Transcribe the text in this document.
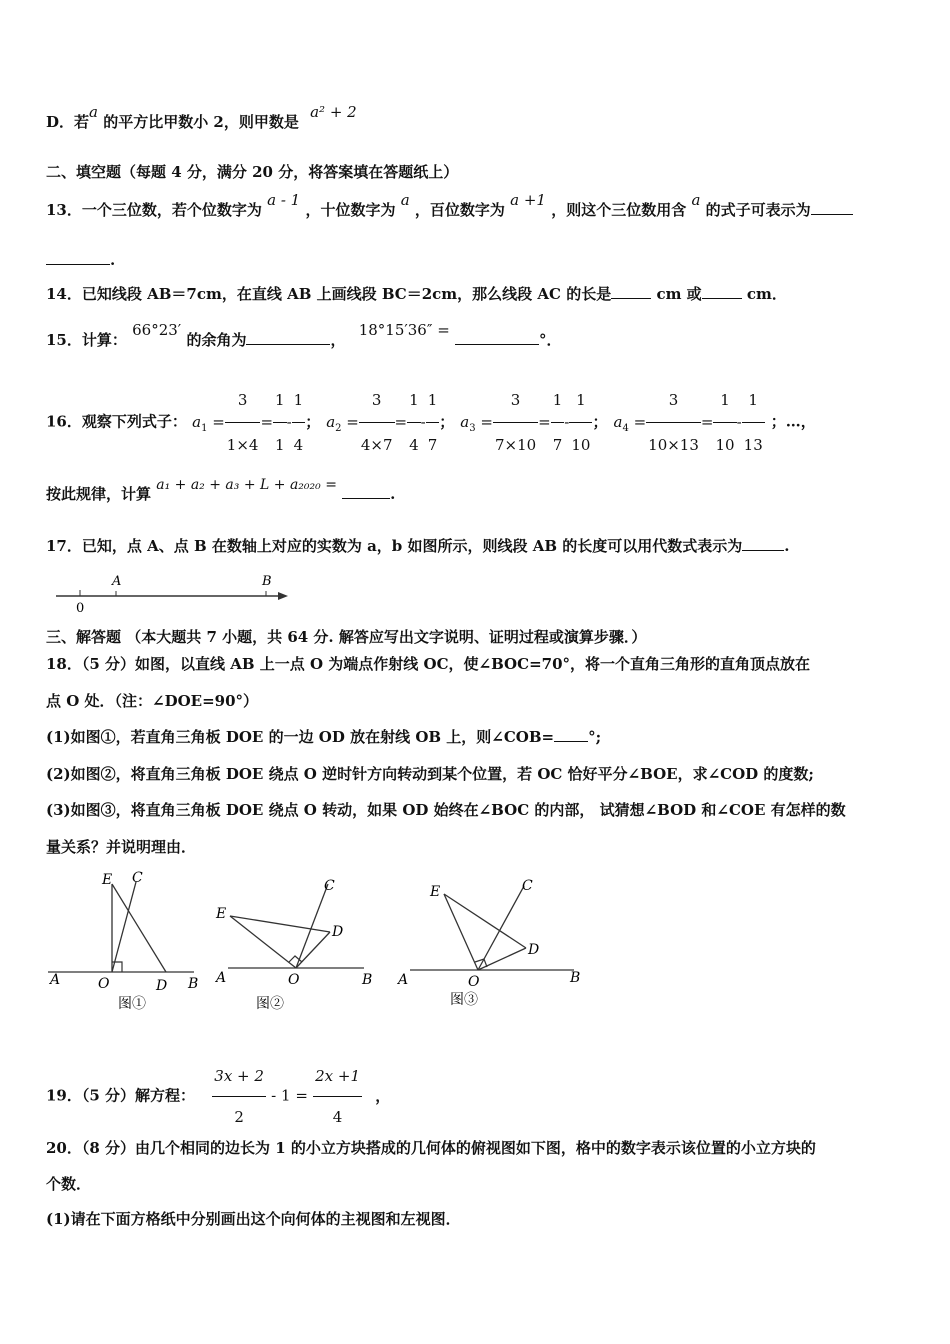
D．若a 的平方比甲数小 2，则甲数是 a² + 2
二、填空题（每题 4 分，满分 20 分，将答案填在答题纸上）
13．一个三位数，若个位数字为 a - 1 ，十位数字为 a ，百位数字为 a +1 ，则这个三位数用含 a 的式子可表示为
.
14．已知线段 AB＝7cm，在直线 AB 上画线段 BC＝2cm，那么线段 AC 的长是	cm 或	cm．
15．计算： 66°23′ 的余角为	， 18°15′36″ = °．
16．观察下列式子： $a_1 = \frac{3}{1\times 4} = \frac{1}{1} - \frac{1}{4}$ ； $a_2 = \frac{3}{4\times 7} = \frac{1}{4} - \frac{1}{7}$ ； $a_3 = \frac{3}{7\times 10} = \frac{1}{7} - \frac{1}{10}$ ； $a_4 = \frac{3}{10\times 13} = \frac{1}{10} - \frac{1}{13}$ ；…，
按此规律，计算 a₁ + a₂ + a₃ + L + a₂₀₂₀ =	.
17．已知，点 A、点 B 在数轴上对应的实数为 a，b 如图所示，则线段 AB 的长度可以用代数式表示为	.
A	B
0
三、解答题 （本大题共 7 小题，共 64 分. 解答应写出文字说明、证明过程或演算步骤．）
18．（5 分）如图，以直线 AB 上一点 O 为端点作射线 OC，使∠BOC=70°，将一个直角三角形的直角顶点放在
点 O 处．（注：∠DOE=90°）
(1)如图①，若直角三角板 DOE 的一边 OD 放在射线 OB 上，则∠COB= °;
(2)如图②，将直角三角板 DOE 绕点 O 逆时针方向转动到某个位置，若 OC 恰好平分∠BOE，求∠COD 的度数;
(3)如图③，将直角三角板 DOE 绕点 O 转动，如果 OD 始终在∠BOC 的内部， 试猜想∠BOD 和∠COE 有怎样的数
量关系？并说明理由．
E C
A	O	D B
图①
E
C
D
A	O	B
图②
E	C
D
A	O	B
图③
19．（5 分）解方程： $\frac{3x + 2}{2} - 1 = \frac{2x +1}{4}$ ，
20．（8 分）由几个相同的边长为 1 的小立方块搭成的几何体的俯视图如下图，格中的数字表示该位置的小立方块的
个数．
(1)请在下面方格纸中分别画出这个向何体的主视图和左视图．
